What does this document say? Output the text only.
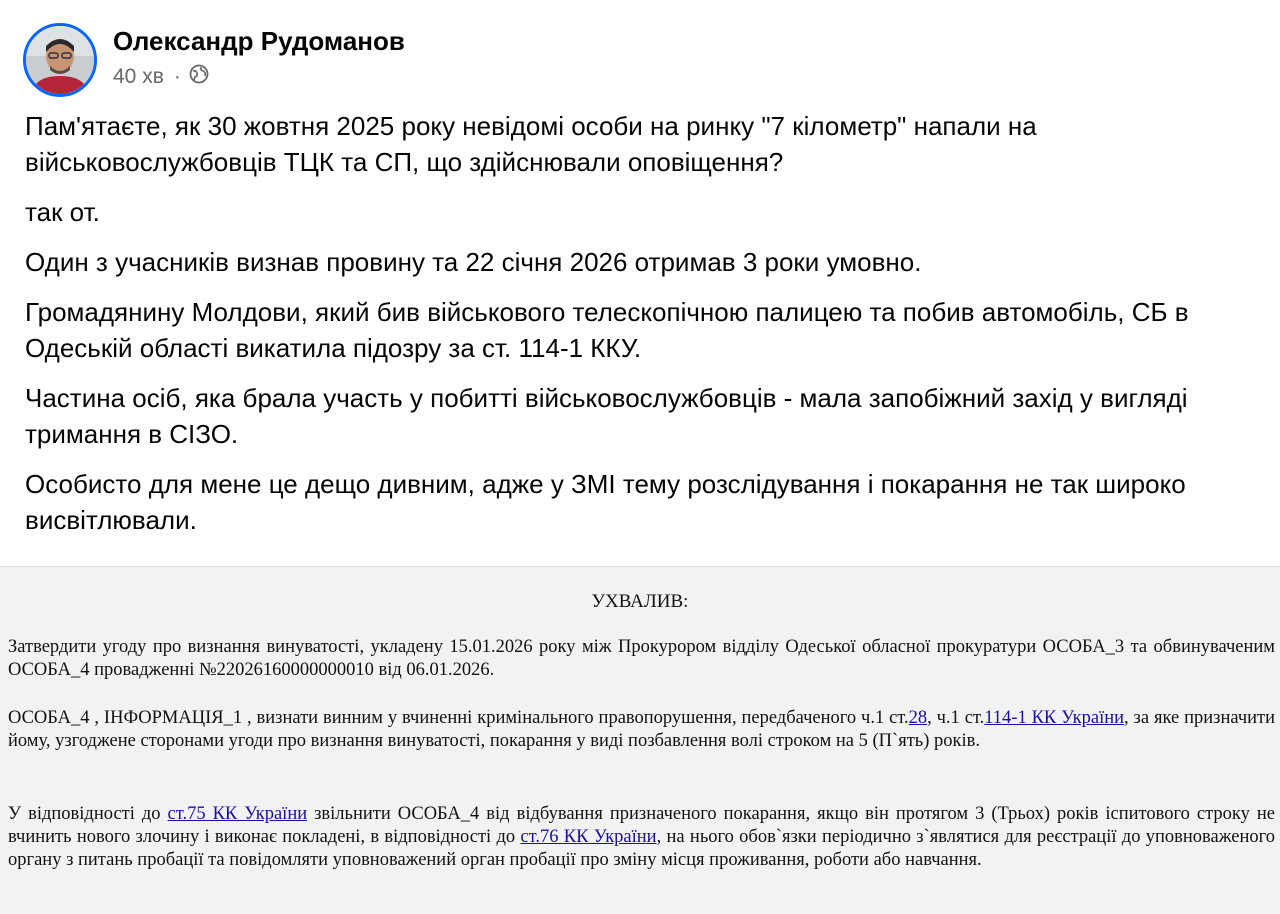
Олександр Рудоманов
40 хв ·

Пам'ятаєте, як 30 жовтня 2025 року невідомі особи на ринку "7 кілометр" напали на військовослужбовців ТЦК та СП, що здійснювали оповіщення?

так от.

Один з учасників визнав провину та 22 січня 2026 отримав 3 роки умовно.

Громадянину Молдови, який бив військового телескопічною палицею та побив автомобіль, СБ в Одеській області викатила підозру за ст. 114-1 ККУ.

Частина осіб, яка брала участь у побитті військовослужбовців - мала запобіжний захід у вигляді тримання в СІЗО.

Особисто для мене це дещо дивним, адже у ЗМІ тему розслідування і покарання не так широко висвітлювали.

УХВАЛИВ:
Затвердити угоду про визнання винуватості, укладену 15.01.2026 року між Прокурором відділу Одеської обласної прокуратури ОСОБА_3 та обвинуваченим ОСОБА_4 провадженні №22026160000000010 від 06.01.2026.
ОСОБА_4 , ІНФОРМАЦІЯ_1 , визнати винним у вчиненні кримінального правопорушення, передбаченого ч.1 ст.28, ч.1 ст.114-1 КК України, за яке призначити йому, узгоджене сторонами угоди про визнання винуватості, покарання у виді позбавлення волі строком на 5 (П`ять) років.
У відповідності до ст.75 КК України звільнити ОСОБА_4 від відбування призначеного покарання, якщо він протягом 3 (Трьох) років іспитового строку не вчинить нового злочину і виконає покладені, в відповідності до ст.76 КК України, на нього обов`язки періодично з`являтися для реєстрації до уповноваженого органу з питань пробації та повідомляти уповноважений орган пробації про зміну місця проживання, роботи або навчання.
